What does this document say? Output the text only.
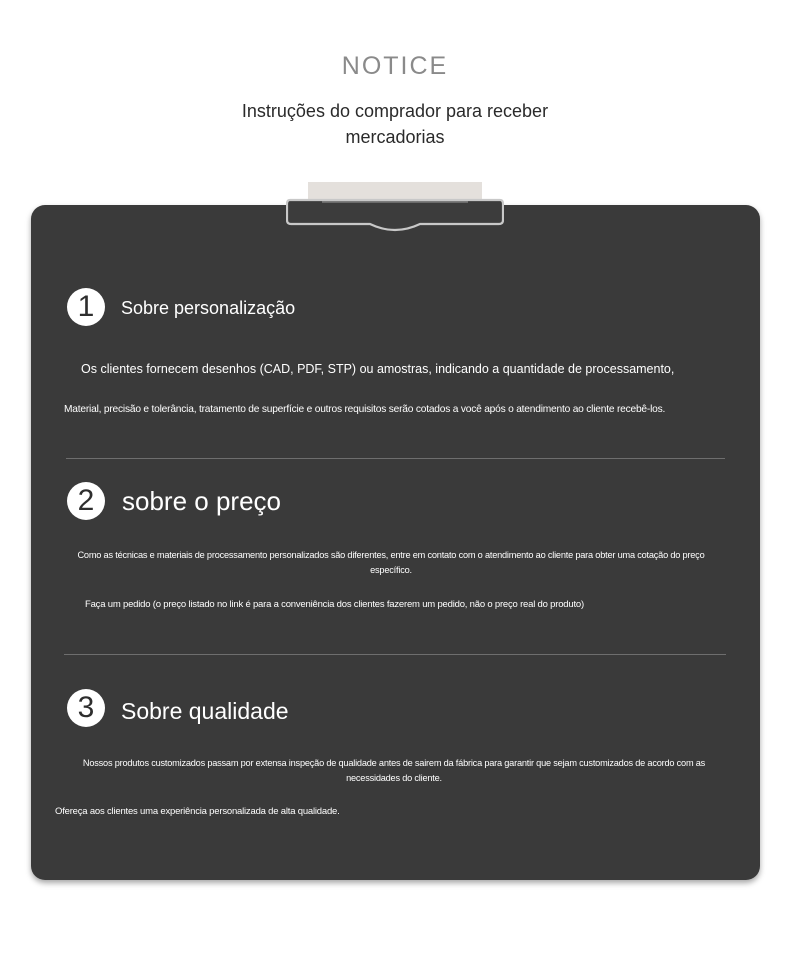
NOTICE
Instruções do comprador para receber mercadorias
1	Sobre personalização
Os clientes fornecem desenhos (CAD, PDF, STP) ou amostras, indicando a quantidade de processamento,
Material, precisão e tolerância, tratamento de superfície e outros requisitos serão cotados a você após o atendimento ao cliente recebê-los.
2	sobre o preço
Como as técnicas e materiais de processamento personalizados são diferentes, entre em contato com o atendimento ao cliente para obter uma cotação do preço específico.
Faça um pedido (o preço listado no link é para a conveniência dos clientes fazerem um pedido, não o preço real do produto)
3	Sobre qualidade
Nossos produtos customizados passam por extensa inspeção de qualidade antes de sairem da fábrica para garantir que sejam customizados de acordo com as necessidades do cliente.
Ofereça aos clientes uma experiência personalizada de alta qualidade.
